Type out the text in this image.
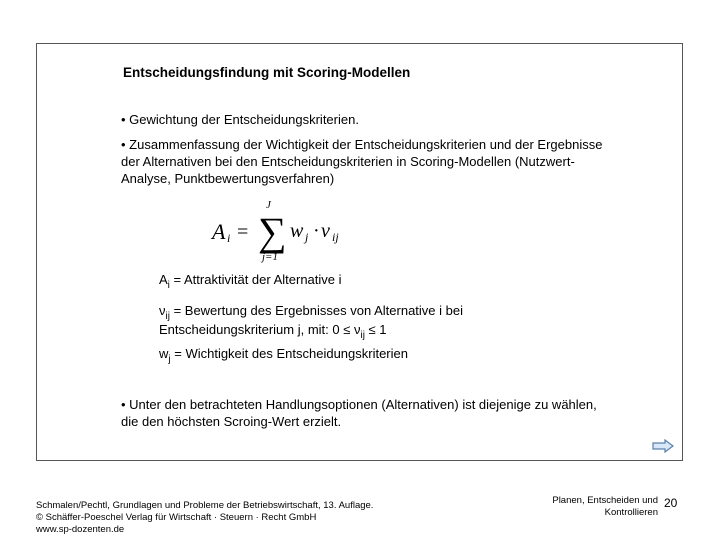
Entscheidungsfindung mit Scoring-Modellen
• Gewichtung der Entscheidungskriterien.
• Zusammenfassung der Wichtigkeit der Entscheidungskriterien und der Ergebnisse der Alternativen bei den Entscheidungskriterien in Scoring-Modellen (Nutzwert-Analyse, Punktbewertungsverfahren)
A i =
J
∑
j=1
w j · ν ij
$A_i$ = Attraktivität der Alternative i
$\nu_{ij}$ = Bewertung des Ergebnisses von Alternative i bei
Entscheidungskriterium j, mit: $0 \le \nu_{ij} \le 1$
$w_j$ = Wichtigkeit des Entscheidungskriterien
• Unter den betrachteten Handlungsoptionen (Alternativen) ist diejenige zu wählen, die den höchsten Scroing-Wert erzielt.
Schmalen/Pechtl, Grundlagen und Probleme der Betriebswirtschaft, 13. Auflage.
© Schäffer-Poeschel Verlag für Wirtschaft · Steuern · Recht GmbH
www.sp-dozenten.de
Planen, Entscheiden und
Kontrollieren
20
